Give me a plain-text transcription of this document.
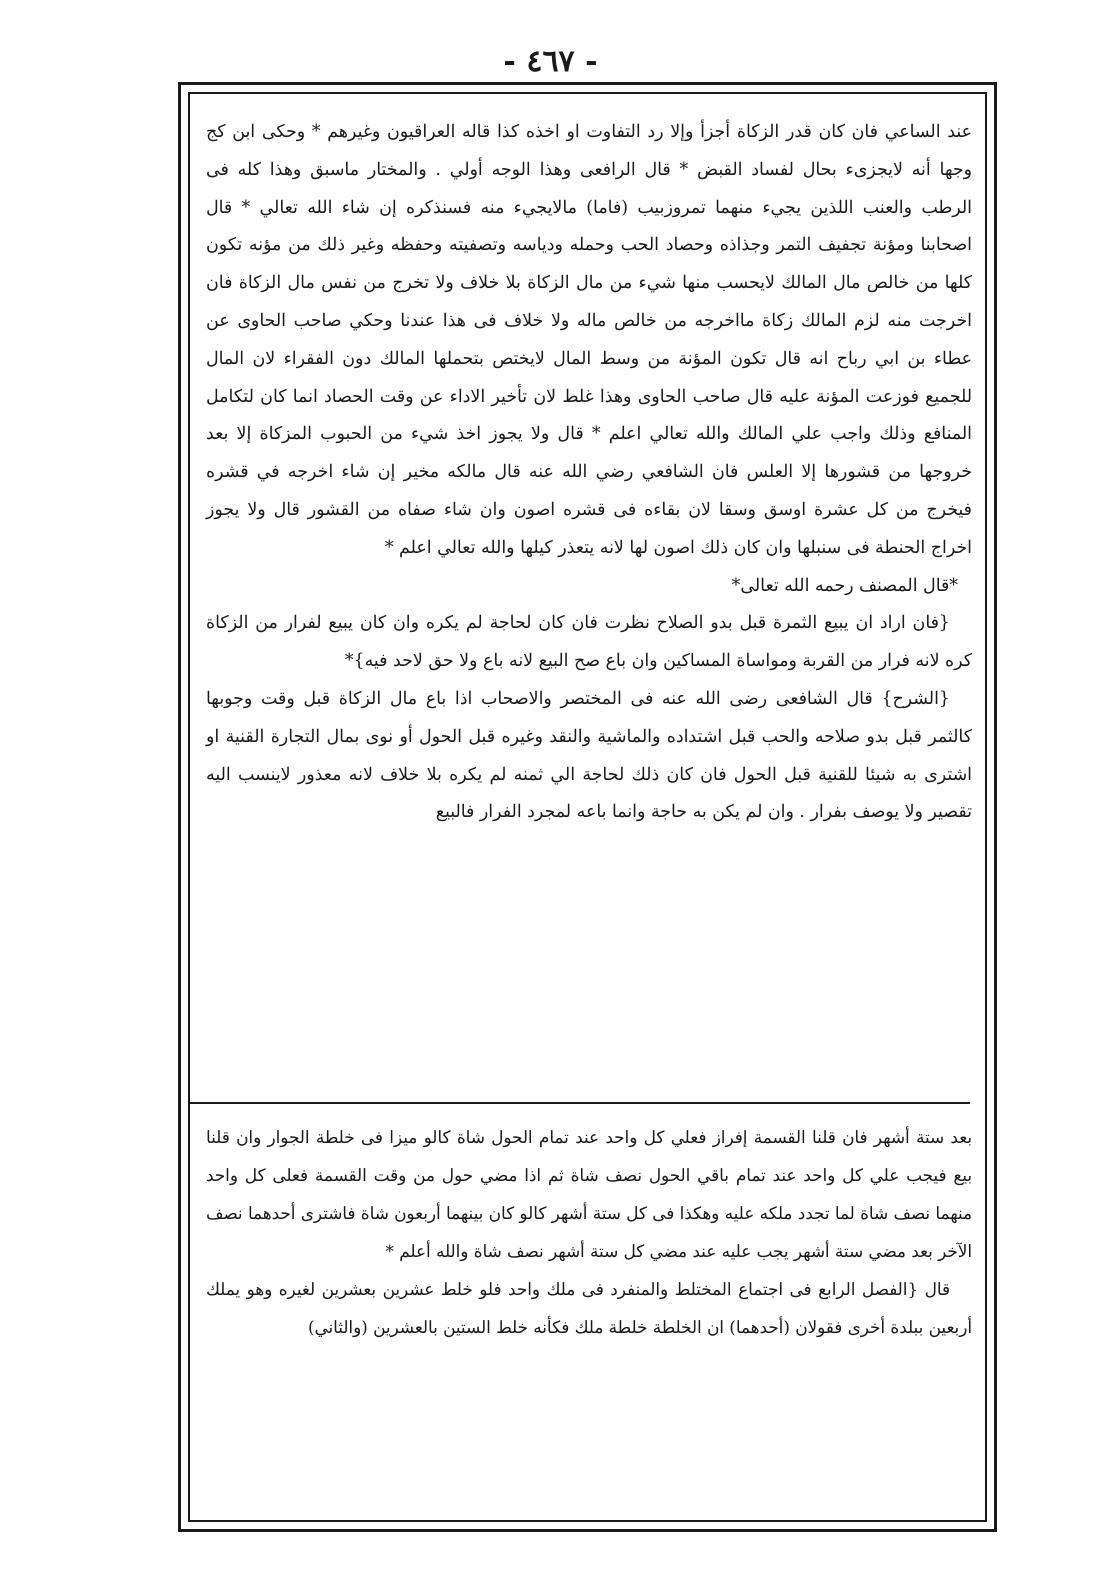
- ٤٦٧ -

عند الساعي فان كان قدر الزكاة أجزأ وإلا رد التفاوت او اخذه كذا قاله العراقيون وغيرهم * وحكى ابن كج وجها أنه لايجزىء بحال لفساد القبض * قال الرافعى وهذا الوجه أولي . والمختار ماسبق وهذا كله فى الرطب والعنب اللذين يجيء منهما تمروزبيب (فاما) مالايجيء منه فسنذكره إن شاء الله تعالي * قال اصحابنا ومؤنة تجفيف التمر وجذاذه وحصاد الحب وحمله ودياسه وتصفيته وحفظه وغير ذلك من مؤنه تكون كلها من خالص مال المالك لايحسب منها شيء من مال الزكاة بلا خلاف ولا تخرج من نفس مال الزكاة فان اخرجت منه لزم المالك زكاة مااخرجه من خالص ماله ولا خلاف فى هذا عندنا وحكي صاحب الحاوى عن عطاء بن ابي رباح انه قال تكون المؤنة من وسط المال لايختص بتحملها المالك دون الفقراء لان المال للجميع فوزعت المؤنة عليه قال صاحب الحاوى وهذا غلط لان تأخير الاداء عن وقت الحصاد انما كان لتكامل المنافع وذلك واجب علي المالك والله تعالي اعلم * قال ولا يجوز اخذ شيء من الحبوب المزكاة إلا بعد خروجها من قشورها إلا العلس فان الشافعي رضي الله عنه قال مالكه مخير إن شاء اخرجه في قشره فيخرج من كل عشرة اوسق وسقا لان بقاءه فى قشره اصون وان شاء صفاه من القشور قال ولا يجوز اخراج الحنطة فى سنبلها وان كان ذلك اصون لها لانه يتعذر كيلها والله تعالي اعلم *

*قال المصنف رحمه الله تعالى*

{فان اراد ان يبيع الثمرة قبل بدو الصلاح نظرت فان كان لحاجة لم يكره وان كان يبيع لفرار من الزكاة كره لانه فرار من القربة ومواساة المساكين وان باع صح البيع لانه باع ولا حق لاحد فيه}*

{الشرح} قال الشافعى رضى الله عنه فى المختصر والاصحاب اذا باع مال الزكاة قبل وقت وجوبها كالثمر قبل بدو صلاحه والحب قبل اشتداده والماشية والنقد وغيره قبل الحول أو نوى بمال التجارة القنية او اشترى به شيئا للقنية قبل الحول فان كان ذلك لحاجة الي ثمنه لم يكره بلا خلاف لانه معذور لاينسب اليه تقصير ولا يوصف بفرار . وان لم يكن به حاجة وانما باعه لمجرد الفرار فالبيع

بعد ستة أشهر فان قلنا القسمة إفراز فعلي كل واحد عند تمام الحول شاة كالو ميزا فى خلطة الجوار وان قلنا بيع فيجب علي كل واحد عند تمام باقي الحول نصف شاة ثم اذا مضي حول من وقت القسمة فعلى كل واحد منهما نصف شاة لما تجدد ملكه عليه وهكذا فى كل ستة أشهر كالو كان بينهما أربعون شاة فاشترى أحدهما نصف الآخر بعد مضي ستة أشهر يجب عليه عند مضي كل ستة أشهر نصف شاة والله أعلم *

قال {الفصل الرابع فى اجتماع المختلط والمنفرد فى ملك واحد فلو خلط عشرين بعشرين لغيره وهو يملك أربعين ببلدة أخرى فقولان (أحدهما) ان الخلطة خلطة ملك فكأنه خلط الستين بالعشرين (والثاني)
